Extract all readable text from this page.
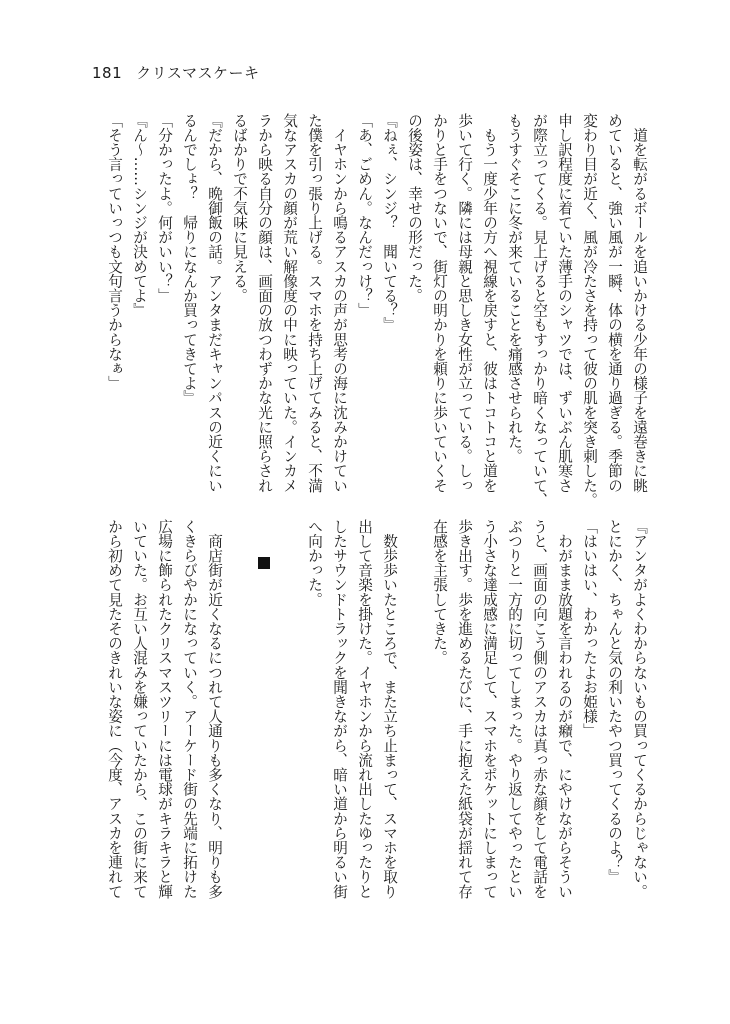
181 クリスマスケーキ
　道を転がるボールを追いかける少年の様子を遠巻きに眺
めていると、強い風が一瞬、体の横を通り過ぎる。季節の
変わり目が近く、風が冷たさを持って彼の肌を突き刺した。
申し訳程度に着ていた薄手のシャツでは、ずいぶん肌寒さ
が際立ってくる。見上げると空もすっかり暗くなっていて、
もうすぐそこに冬が来ていることを痛感させられた。
　もう一度少年の方へ視線を戻すと、彼はトコトコと道を
歩いて行く。隣には母親と思しき女性が立っている。しっ
かりと手をつないで、街灯の明かりを頼りに歩いていくそ
の後姿は、幸せの形だった。
『ねぇ、シンジ？　聞いてる？』
「あ、ごめん。なんだっけ？」
　イヤホンから鳴るアスカの声が思考の海に沈みかけてい
た僕を引っ張り上げる。スマホを持ち上げてみると、不満
気なアスカの顔が荒い解像度の中に映っていた。インカメ
ラから映る自分の顔は、画面の放つわずかな光に照らされ
るばかりで不気味に見える。
『だから、晩御飯の話。アンタまだキャンパスの近くにい
るんでしょ？　帰りになんか買ってきてよ』
「分かったよ。何がいい？」
『ん〜……シンジが決めてよ』
「そう言っていっつも文句言うからなぁ」
『アンタがよくわからないもの買ってくるからじゃない。
とにかく、ちゃんと気の利いたやつ買ってくるのよ？』
「はいはい、わかったよお姫様」
　わがまま放題を言われるのが癪で、にやけながらそうい
うと、画面の向こう側のアスカは真っ赤な顔をして電話を
ぶつりと一方的に切ってしまった。やり返してやったとい
う小さな達成感に満足して、スマホをポケットにしまって
歩き出す。歩を進めるたびに、手に抱えた紙袋が揺れて存
在感を主張してきた。
　数歩歩いたところで、また立ち止まって、スマホを取り
出して音楽を掛けた。イヤホンから流れ出したゆったりと
したサウンドトラックを聞きながら、暗い道から明るい街
へ向かった。
　商店街が近くなるにつれて人通りも多くなり、明りも多
くきらびやかになっていく。アーケード街の先端に拓けた
広場に飾られたクリスマスツリーには電球がキラキラと輝
いていた。お互い人混みを嫌っていたから、この街に来て
から初めて見たそのきれいな姿に（今度、アスカを連れて
